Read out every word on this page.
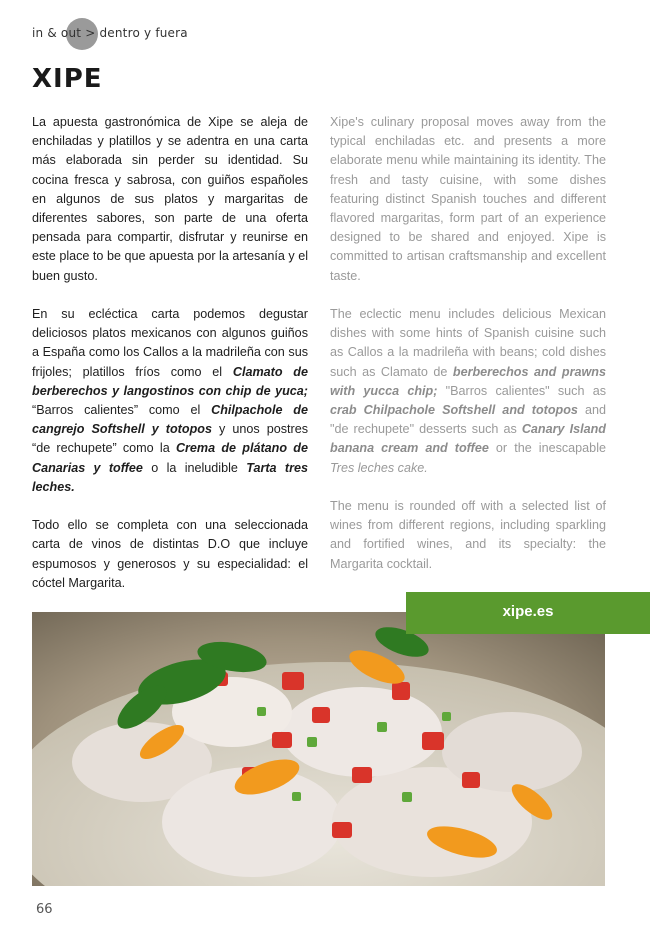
in & out > dentro y fuera
XIPE

La apuesta gastronómica de Xipe se aleja de enchiladas y platillos y se adentra en una carta más elaborada sin perder su identidad. Su cocina fresca y sabrosa, con guiños españoles en algunos de sus platos y margaritas de diferentes sabores, son parte de una oferta pensada para compartir, disfrutar y reunirse en este place to be que apuesta por la artesanía y el buen gusto.

En su ecléctica carta podemos degustar deliciosos platos mexicanos con algunos guiños a España como los Callos a la madrileña con sus frijoles; platillos fríos como el Clamato de berberechos y langostinos con chip de yuca; “Barros calientes” como el Chilpachole de cangrejo Softshell y totopos y unos postres “de rechupete” como la Crema de plátano de Canarias y toffee o la ineludible Tarta tres leches.

Todo ello se completa con una seleccionada carta de vinos de distintas D.O que incluye espumosos y generosos y su especialidad: el cóctel Margarita.

Xipe's culinary proposal moves away from the typical enchiladas etc. and presents a more elaborate menu while maintaining its identity. The fresh and tasty cuisine, with some dishes featuring distinct Spanish touches and different flavored margaritas, form part of an experience designed to be shared and enjoyed. Xipe is committed to artisan craftsmanship and excellent taste.

The eclectic menu includes delicious Mexican dishes with some hints of Spanish cuisine such as Callos a la madrileña with beans; cold dishes such as Clamato de berberechos and prawns with yucca chip; "Barros calientes" such as crab Chilpachole Softshell and totopos and "de rechupete" desserts such as Canary Island banana cream and toffee or the inescapable Tres leches cake.

The menu is rounded off with a selected list of wines from different regions, including sparkling and fortified wines, and its specialty: the Margarita cocktail.

xipe.es
66
